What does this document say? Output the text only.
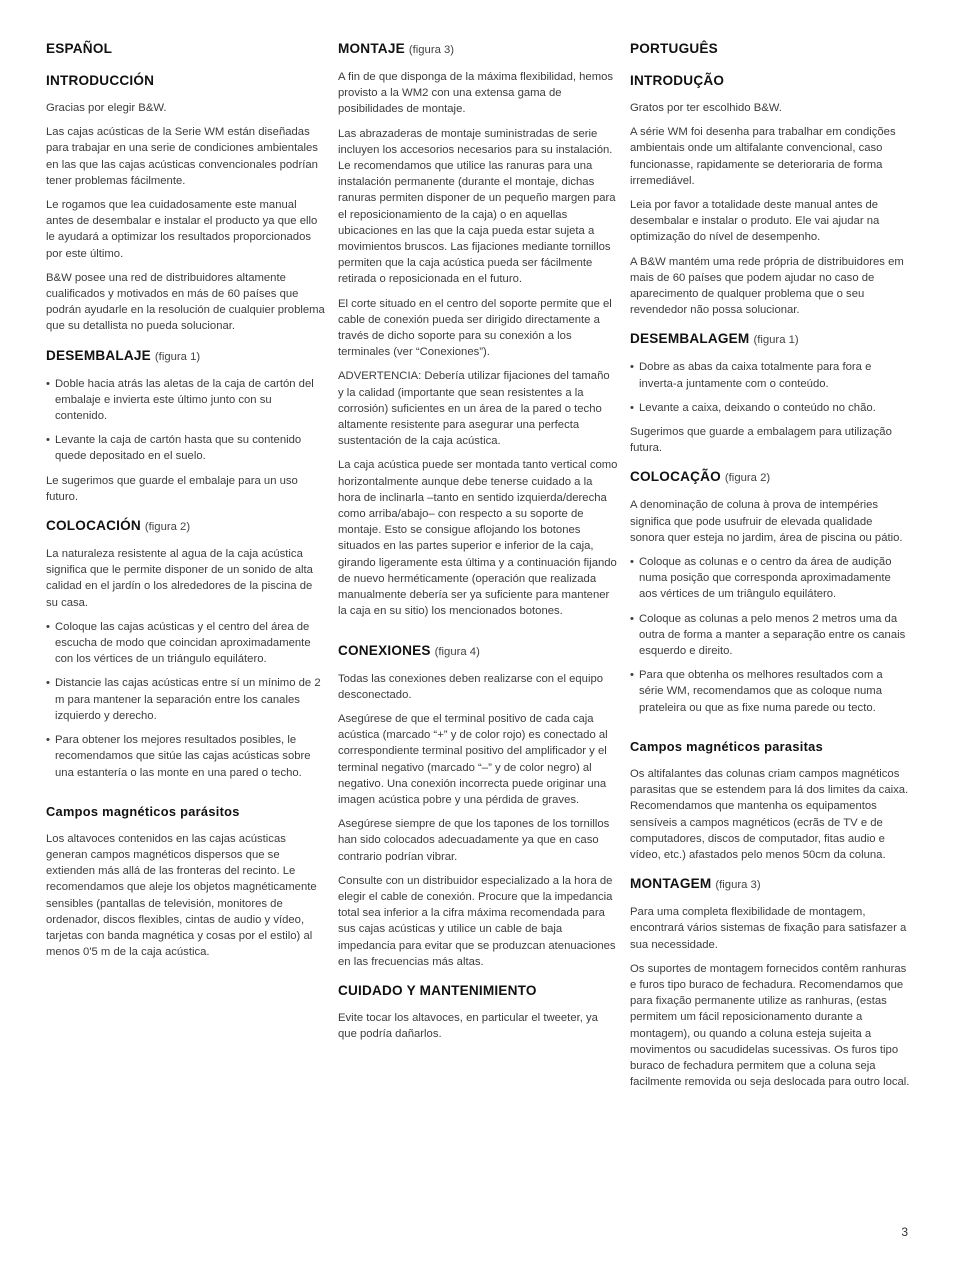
ESPAÑOL
INTRODUCCIÓN

Gracias por elegir B&W.

Las cajas acústicas de la Serie WM están diseñadas para trabajar en una serie de condiciones ambientales en las que las cajas acústicas convencionales podrían tener problemas fácilmente.

Le rogamos que lea cuidadosamente este manual antes de desembalar e instalar el producto ya que ello le ayudará a optimizar los resultados proporcionados por este último.

B&W posee una red de distribuidores altamente cualificados y motivados en más de 60 países que podrán ayudarle en la resolución de cualquier problema que su detallista no pueda solucionar.

DESEMBALAJE (figura 1)
• Doble hacia atrás las aletas de la caja de cartón del embalaje e invierta este último junto con su contenido.
• Levante la caja de cartón hasta que su contenido quede depositado en el suelo.

Le sugerimos que guarde el embalaje para un uso futuro.

COLOCACIÓN (figura 2)

La naturaleza resistente al agua de la caja acústica significa que le permite disponer de un sonido de alta calidad en el jardín o los alrededores de la piscina de su casa.

• Coloque las cajas acústicas y el centro del área de escucha de modo que coincidan aproximadamente con los vértices de un triángulo equilátero.
• Distancie las cajas acústicas entre sí un mínimo de 2 m para mantener la separación entre los canales izquierdo y derecho.
• Para obtener los mejores resultados posibles, le recomendamos que sitúe las cajas acústicas sobre una estantería o las monte en una pared o techo.
Campos magnéticos parásitos

Los altavoces contenidos en las cajas acústicas generan campos magnéticos dispersos que se extienden más allá de las fronteras del recinto. Le recomendamos que aleje los objetos magnéticamente sensibles (pantallas de televisión, monitores de ordenador, discos flexibles, cintas de audio y vídeo, tarjetas con banda magnética y cosas por el estilo) al menos 0'5 m de la caja acústica.

MONTAJE (figura 3)

A fin de que disponga de la máxima flexibilidad, hemos provisto a la WM2 con una extensa gama de posibilidades de montaje.

Las abrazaderas de montaje suministradas de serie incluyen los accesorios necesarios para su instalación. Le recomendamos que utilice las ranuras para una instalación permanente (durante el montaje, dichas ranuras permiten disponer de un pequeño margen para el reposicionamiento de la caja) o en aquellas ubicaciones en las que la caja pueda estar sujeta a movimientos bruscos. Las fijaciones mediante tornillos permiten que la caja acústica pueda ser fácilmente retirada o reposicionada en el futuro.

El corte situado en el centro del soporte permite que el cable de conexión pueda ser dirigido directamente a través de dicho soporte para su conexión a los terminales (ver “Conexiones”).

ADVERTENCIA: Debería utilizar fijaciones del tamaño y la calidad (importante que sean resistentes a la corrosión) suficientes en un área de la pared o techo altamente resistente para asegurar una perfecta sustentación de la caja acústica.

La caja acústica puede ser montada tanto vertical como horizontalmente aunque debe tenerse cuidado a la hora de inclinarla –tanto en sentido izquierda/derecha como arriba/abajo– con respecto a su soporte de montaje. Esto se consigue aflojando los botones situados en las partes superior e inferior de la caja, girando ligeramente esta última y a continuación fijando de nuevo herméticamente (operación que realizada manualmente debería ser ya suficiente para mantener la caja en su sitio) los mencionados botones.

CONEXIONES (figura 4)

Todas las conexiones deben realizarse con el equipo desconectado.

Asegúrese de que el terminal positivo de cada caja acústica (marcado “+” y de color rojo) es conectado al correspondiente terminal positivo del amplificador y el terminal negativo (marcado “–” y de color negro) al negativo. Una conexión incorrecta puede originar una imagen acústica pobre y una pérdida de graves.

Asegúrese siempre de que los tapones de los tornillos han sido colocados adecuadamente ya que en caso contrario podrían vibrar.

Consulte con un distribuidor especializado a la hora de elegir el cable de conexión. Procure que la impedancia total sea inferior a la cifra máxima recomendada para sus cajas acústicas y utilice un cable de baja impedancia para evitar que se produzcan atenuaciones en las frecuencias más altas.

CUIDADO Y MANTENIMIENTO

Evite tocar los altavoces, en particular el tweeter, ya que podría dañarlos.

PORTUGUÊS
INTRODUÇÃO

Gratos por ter escolhido B&W.

A série WM foi desenha para trabalhar em condições ambientais onde um altifalante convencional, caso funcionasse, rapidamente se deterioraria de forma irremediável.

Leia por favor a totalidade deste manual antes de desembalar e instalar o produto. Ele vai ajudar na optimização do nível de desempenho.

A B&W mantém uma rede própria de distribuidores em mais de 60 países que podem ajudar no caso de aparecimento de qualquer problema que o seu revendedor não possa solucionar.

DESEMBALAGEM (figura 1)
• Dobre as abas da caixa totalmente para fora e inverta-a juntamente com o conteúdo.
• Levante a caixa, deixando o conteúdo no chão.

Sugerimos que guarde a embalagem para utilização futura.

COLOCAÇÃO (figura 2)

A denominação de coluna à prova de intempéries significa que pode usufruir de elevada qualidade sonora quer esteja no jardim, área de piscina ou pátio.

• Coloque as colunas e o centro da área de audição numa posição que corresponda aproximadamente aos vértices de um triângulo equilátero.
• Coloque as colunas a pelo menos 2 metros uma da outra de forma a manter a separação entre os canais esquerdo e direito.
• Para que obtenha os melhores resultados com a série WM, recomendamos que as coloque numa prateleira ou que as fixe numa parede ou tecto.
Campos magnéticos parasitas

Os altifalantes das colunas criam campos magnéticos parasitas que se estendem para lá dos limites da caixa. Recomendamos que mantenha os equipamentos sensíveis a campos magnéticos (ecrãs de TV e de computadores, discos de computador, fitas audio e vídeo, etc.) afastados pelo menos 50cm da coluna.

MONTAGEM (figura 3)

Para uma completa flexibilidade de montagem, encontrará vários sistemas de fixação para satisfazer a sua necessidade.

Os suportes de montagem fornecidos contêm ranhuras e furos tipo buraco de fechadura. Recomendamos que para fixação permanente utilize as ranhuras, (estas permitem um fácil reposicionamento durante a montagem), ou quando a coluna esteja sujeita a movimentos ou sacudidelas sucessivas. Os furos tipo buraco de fechadura permitem que a coluna seja facilmente removida ou seja deslocada para outro local.

3
